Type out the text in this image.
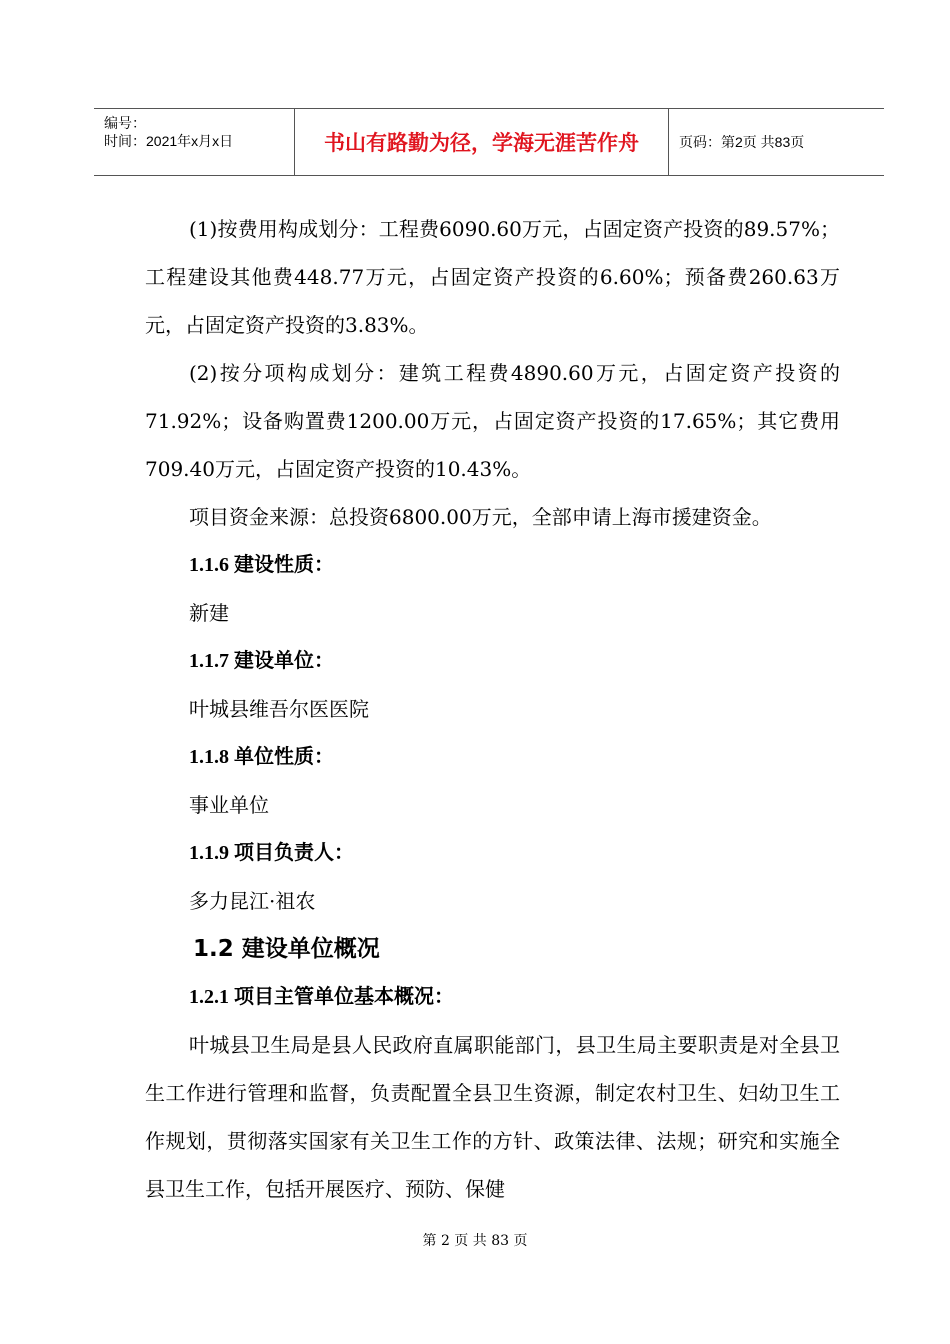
编号：
时间：2021年x月x日	书山有路勤为径，学海无涯苦作舟	页码：第2页 共83页

(1)按费用构成划分：工程费6090.60万元，占固定资产投资的89.57%；工程建设其他费448.77万元，占固定资产投资的6.60%；预备费260.63万元，占固定资产投资的3.83%。

(2)按分项构成划分：建筑工程费4890.60万元，占固定资产投资的71.92%；设备购置费1200.00万元，占固定资产投资的17.65%；其它费用709.40万元，占固定资产投资的10.43%。

项目资金来源：总投资6800.00万元，全部申请上海市援建资金。

1.1.6 建设性质：

新建

1.1.7 建设单位：

叶城县维吾尔医医院

1.1.8 单位性质：

事业单位

1.1.9 项目负责人：

多力昆江·祖农

1.2 建设单位概况

1.2.1 项目主管单位基本概况：

叶城县卫生局是县人民政府直属职能部门，县卫生局主要职责是对全县卫生工作进行管理和监督，负责配置全县卫生资源，制定农村卫生、妇幼卫生工作规划，贯彻落实国家有关卫生工作的方针、政策法律、法规；研究和实施全县卫生工作，包括开展医疗、预防、保健

第 2 页 共 83 页
